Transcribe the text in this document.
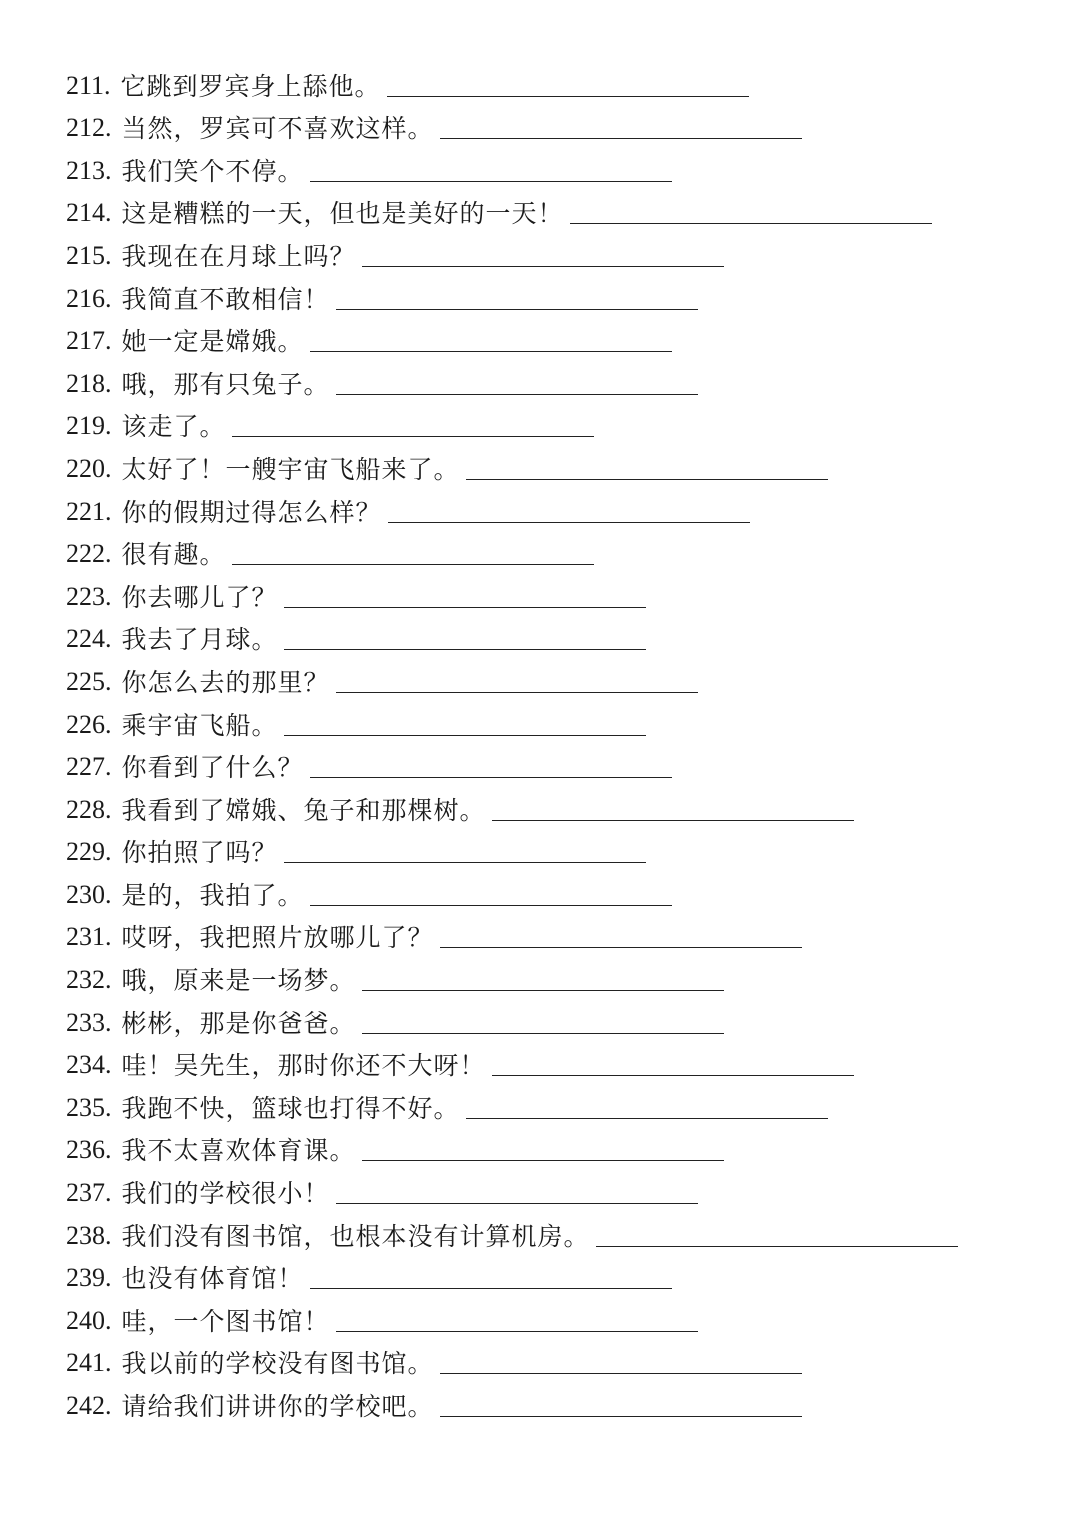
211. 它跳到罗宾身上舔他。
212. 当然，罗宾可不喜欢这样。
213. 我们笑个不停。
214. 这是糟糕的一天，但也是美好的一天！
215. 我现在在月球上吗？
216. 我简直不敢相信！
217. 她一定是嫦娥。
218. 哦，那有只兔子。
219. 该走了。
220. 太好了！一艘宇宙飞船来了。
221. 你的假期过得怎么样？
222. 很有趣。
223. 你去哪儿了？
224. 我去了月球。
225. 你怎么去的那里？
226. 乘宇宙飞船。
227. 你看到了什么？
228. 我看到了嫦娥、兔子和那棵树。
229. 你拍照了吗？
230. 是的，我拍了。
231. 哎呀，我把照片放哪儿了？
232. 哦，原来是一场梦。
233. 彬彬，那是你爸爸。
234. 哇！吴先生，那时你还不大呀！
235. 我跑不快，篮球也打得不好。
236. 我不太喜欢体育课。
237. 我们的学校很小！
238. 我们没有图书馆，也根本没有计算机房。
239. 也没有体育馆！
240. 哇，一个图书馆！
241. 我以前的学校没有图书馆。
242. 请给我们讲讲你的学校吧。
